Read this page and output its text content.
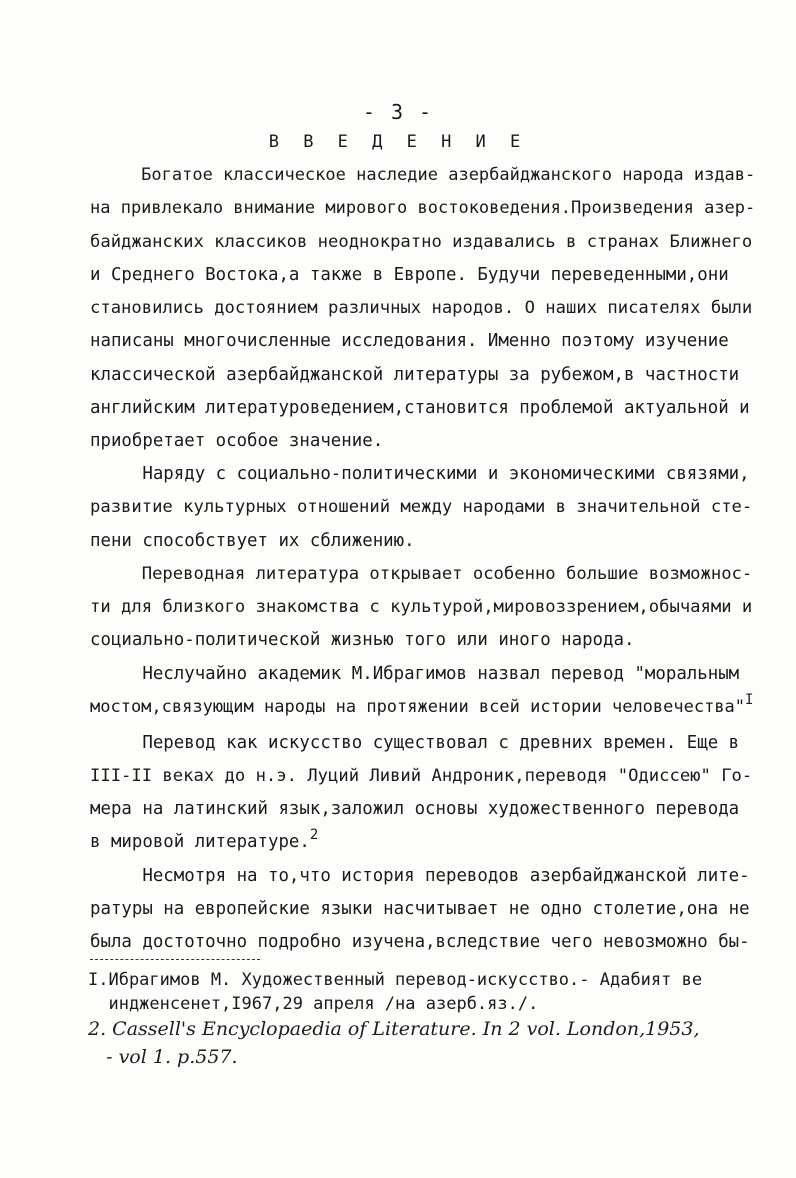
- 3 -
В В Е Д Е Н И Е
Богатое классическое наследие азербайджанского народа издав-
на привлекало внимание мирового востоковедения.Произведения азер-
байджанских классиков неоднократно издавались в странах Ближнего
и Среднего Востока,а также в Европе. Будучи переведенными,они
становились достоянием различных народов. О наших писателях были
написаны многочисленные исследования. Именно поэтому изучение
классической азербайджанской литературы за рубежом,в частности
английским литературоведением,становится проблемой актуальной и
приобретает особое значение.
Наряду с социально-политическими и экономическими связями,
развитие культурных отношений между народами в значительной сте-
пени способствует их сближению.
Переводная литература открывает особенно большие возможнос-
ти для близкого знакомства с культурой,мировоззрением,обычаями и
социально-политической жизнью того или иного народа.
Неслучайно академик М.Ибрагимов назвал перевод "моральным
мостом,связующим народы на протяжении всей истории человечества"$^I$
Перевод как искусство существовал с древних времен. Еще в
III-II веках до н.э. Луций Ливий Андроник,переводя "Одиссею" Го-
мера на латинский язык,заложил основы художественного перевода
в мировой литературе.$^2$
Несмотря на то,что история переводов азербайджанской лите-
ратуры на европейские языки насчитывает не одно столетие,она не
была достоточно подробно изучена,вследствие чего невозможно бы-
I.Ибрагимов М. Художественный перевод-искусство.- Адабият ве
индженсенет,I967,29 апреля /на азерб.яз./.
2. Cassell's Encyclopaedia of Literature. In 2 vol. London,1953,
- vol 1. p.557.
